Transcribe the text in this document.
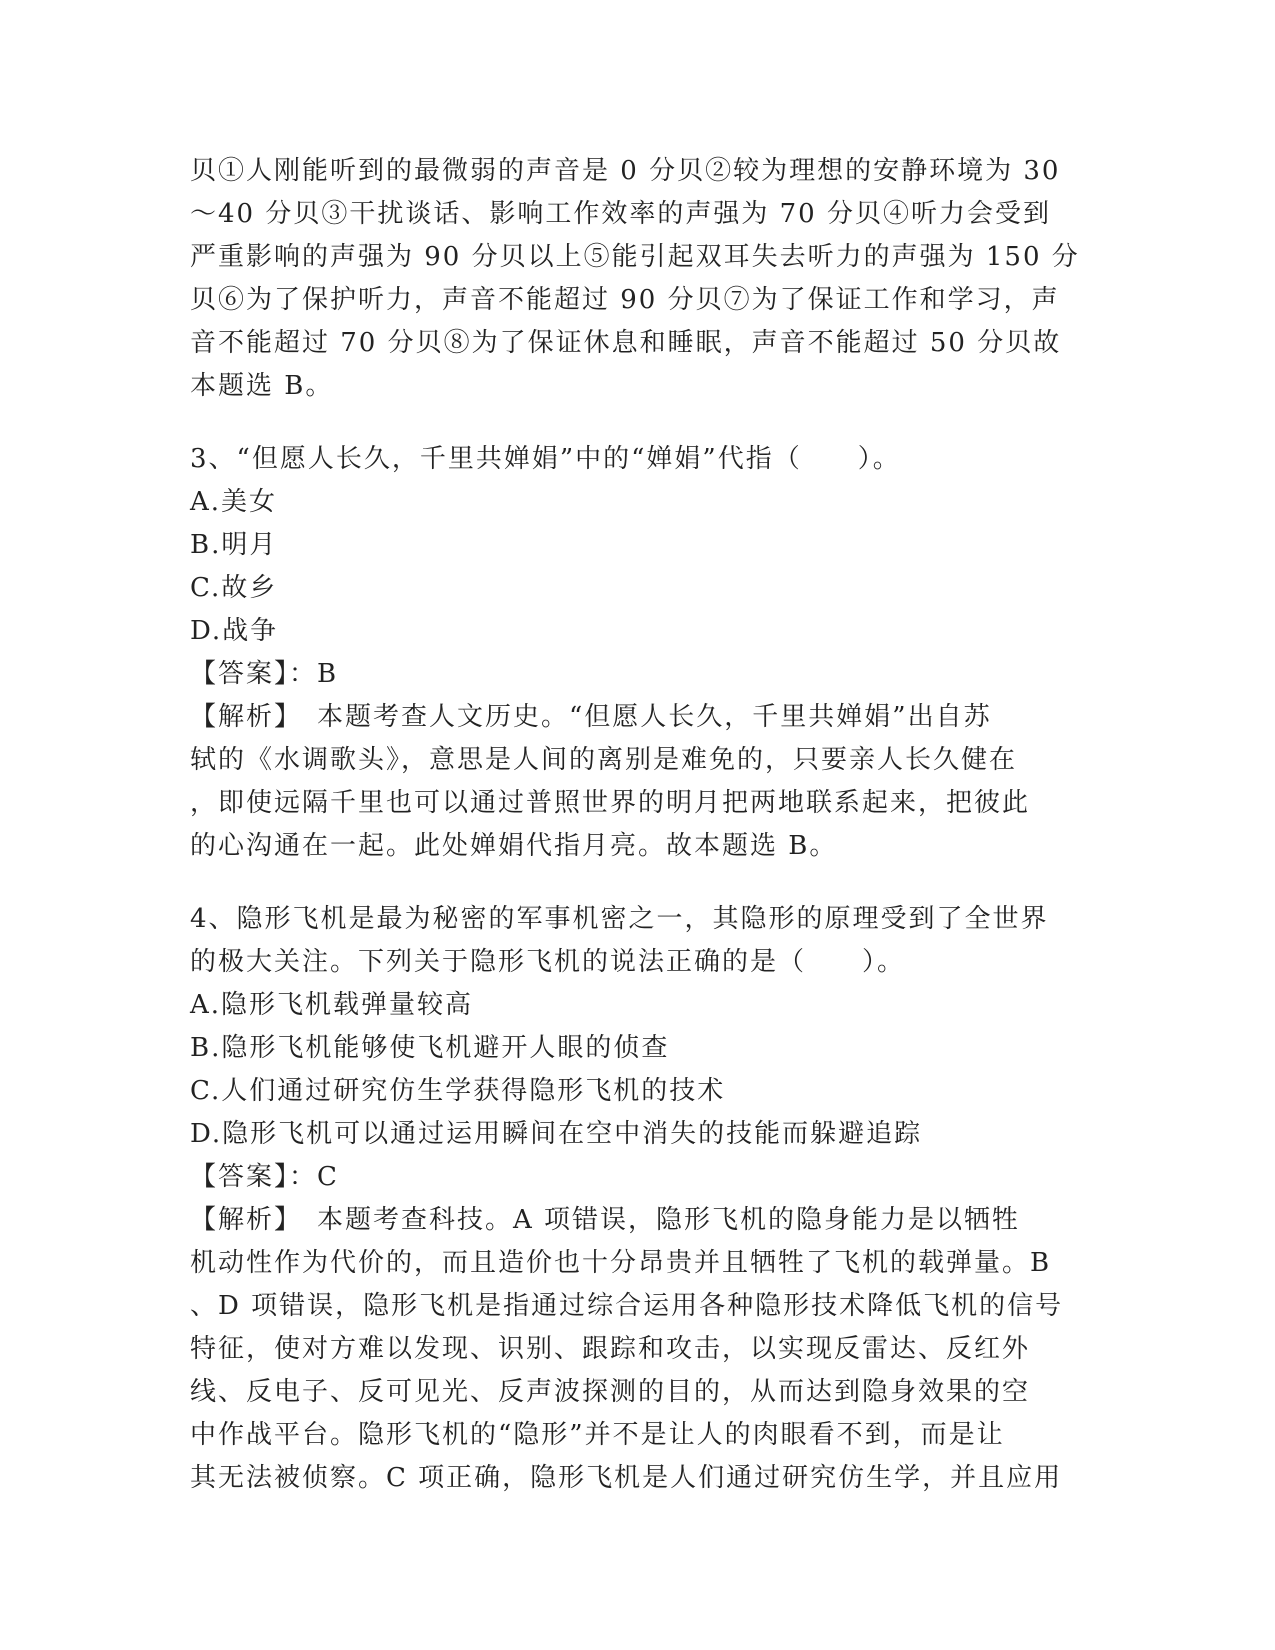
贝①人刚能听到的最微弱的声音是 0 分贝②较为理想的安静环境为 30
～40 分贝③干扰谈话、影响工作效率的声强为 70 分贝④听力会受到
严重影响的声强为 90 分贝以上⑤能引起双耳失去听力的声强为 150 分
贝⑥为了保护听力，声音不能超过 90 分贝⑦为了保证工作和学习，声
音不能超过 70 分贝⑧为了保证休息和睡眠，声音不能超过 50 分贝故
本题选 B。
3、“但愿人长久，千里共婵娟”中的“婵娟”代指（　　）。
A.美女
B.明月
C.故乡
D.战争
【答案】：B
【解析】　本题考查人文历史。“但愿人长久，千里共婵娟”出自苏
轼的《水调歌头》，意思是人间的离别是难免的，只要亲人长久健在
，即使远隔千里也可以通过普照世界的明月把两地联系起来，把彼此
的心沟通在一起。此处婵娟代指月亮。故本题选 B。
4、隐形飞机是最为秘密的军事机密之一，其隐形的原理受到了全世界
的极大关注。下列关于隐形飞机的说法正确的是（　　）。
A.隐形飞机载弹量较高
B.隐形飞机能够使飞机避开人眼的侦查
C.人们通过研究仿生学获得隐形飞机的技术
D.隐形飞机可以通过运用瞬间在空中消失的技能而躲避追踪
【答案】：C
【解析】　本题考查科技。A 项错误，隐形飞机的隐身能力是以牺牲
机动性作为代价的，而且造价也十分昂贵并且牺牲了飞机的载弹量。B
、D 项错误，隐形飞机是指通过综合运用各种隐形技术降低飞机的信号
特征，使对方难以发现、识别、跟踪和攻击，以实现反雷达、反红外
线、反电子、反可见光、反声波探测的目的，从而达到隐身效果的空
中作战平台。隐形飞机的“隐形”并不是让人的肉眼看不到，而是让
其无法被侦察。C 项正确，隐形飞机是人们通过研究仿生学，并且应用
